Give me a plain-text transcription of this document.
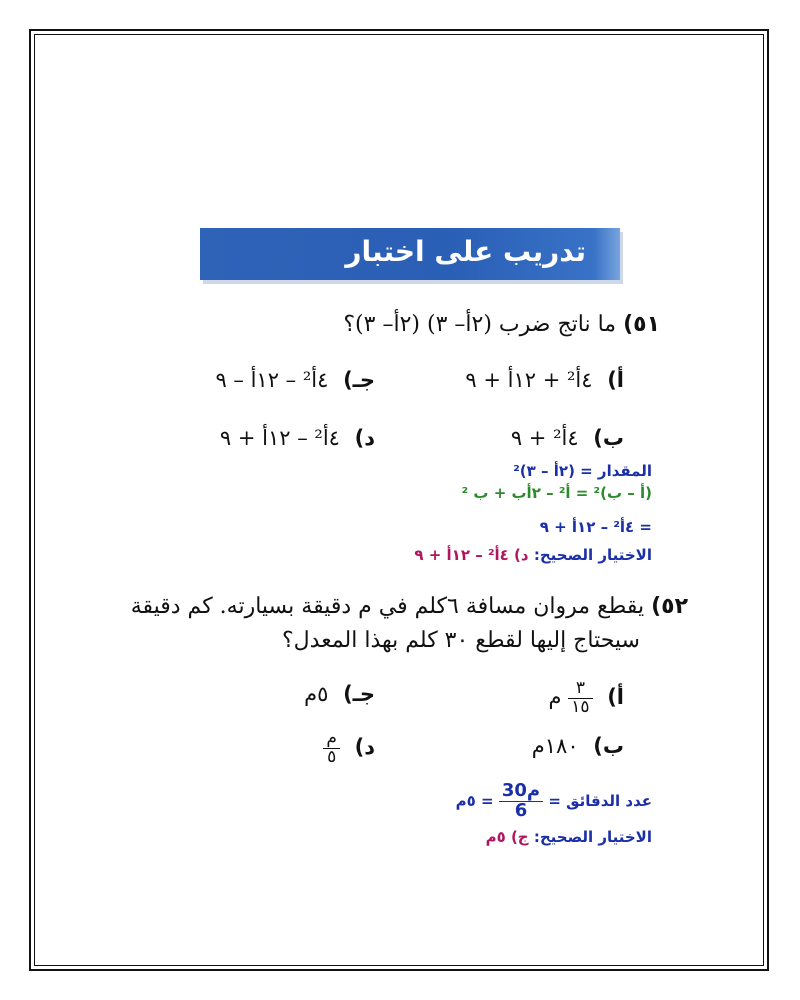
تدريب على اختبار
٥١) ما ناتج ضرب (٢أ– ٣) (٢أ– ٣)؟
أ) ٤أ² + ١٢أ + ٩
جـ) ٤أ² – ١٢أ – ٩
ب) ٤أ² + ٩
د) ٤أ² – ١٢أ + ٩
المقدار = (٢أ – ٣)²
(أ – ب)² = أ² – ٢أب + ب ²
= ٤أ² – ١٢أ + ٩
الاختيار الصحيح: د) ٤أ² – ١٢أ + ٩
٥٢) يقطع مروان مسافة ٦كلم في م دقيقة بسيارته. كم دقيقة
سيحتاج إليها لقطع ٣٠ كلم بهذا المعدل؟
أ)
$\frac{٣}{١٥}$
م
جـ) ٥م
ب) ١٨٠م
د)
$\frac{\text{م}}{٥}$
عدد الدقائق =
$\frac{\text{30م}}{6}$
= ٥م
الاختيار الصحيح: ج) ٥م
